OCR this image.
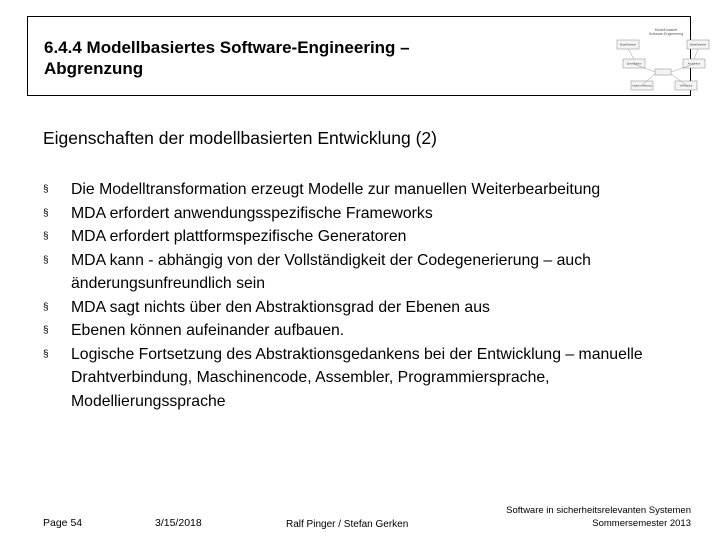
6.4.4 Modellbasiertes Software-Engineering –
Abgrenzung
Modell-basiert
Software-Engineering
Modell-basiert	Modell-basiert
Spezifikation	Architektur
Implementierung	Verifikation
Eigenschaften der modellbasierten Entwicklung (2)
§ Die Modelltransformation erzeugt Modelle zur manuellen Weiterbearbeitung
§ MDA erfordert anwendungsspezifische Frameworks
§ MDA erfordert plattformspezifische Generatoren
§ MDA kann - abhängig von der Vollständigkeit der Codegenerierung – auch änderungsunfreundlich sein
§ MDA sagt nichts über den Abstraktionsgrad der Ebenen aus
§ Ebenen können aufeinander aufbauen.
§ Logische Fortsetzung des Abstraktionsgedankens bei der Entwicklung – manuelle Drahtverbindung, Maschinencode, Assembler, Programmiersprache, Modellierungssprache
Page 54	3/15/2018	Ralf Pinger / Stefan Gerken
Software in sicherheitsrelevanten Systemen
Sommersemester 2013
